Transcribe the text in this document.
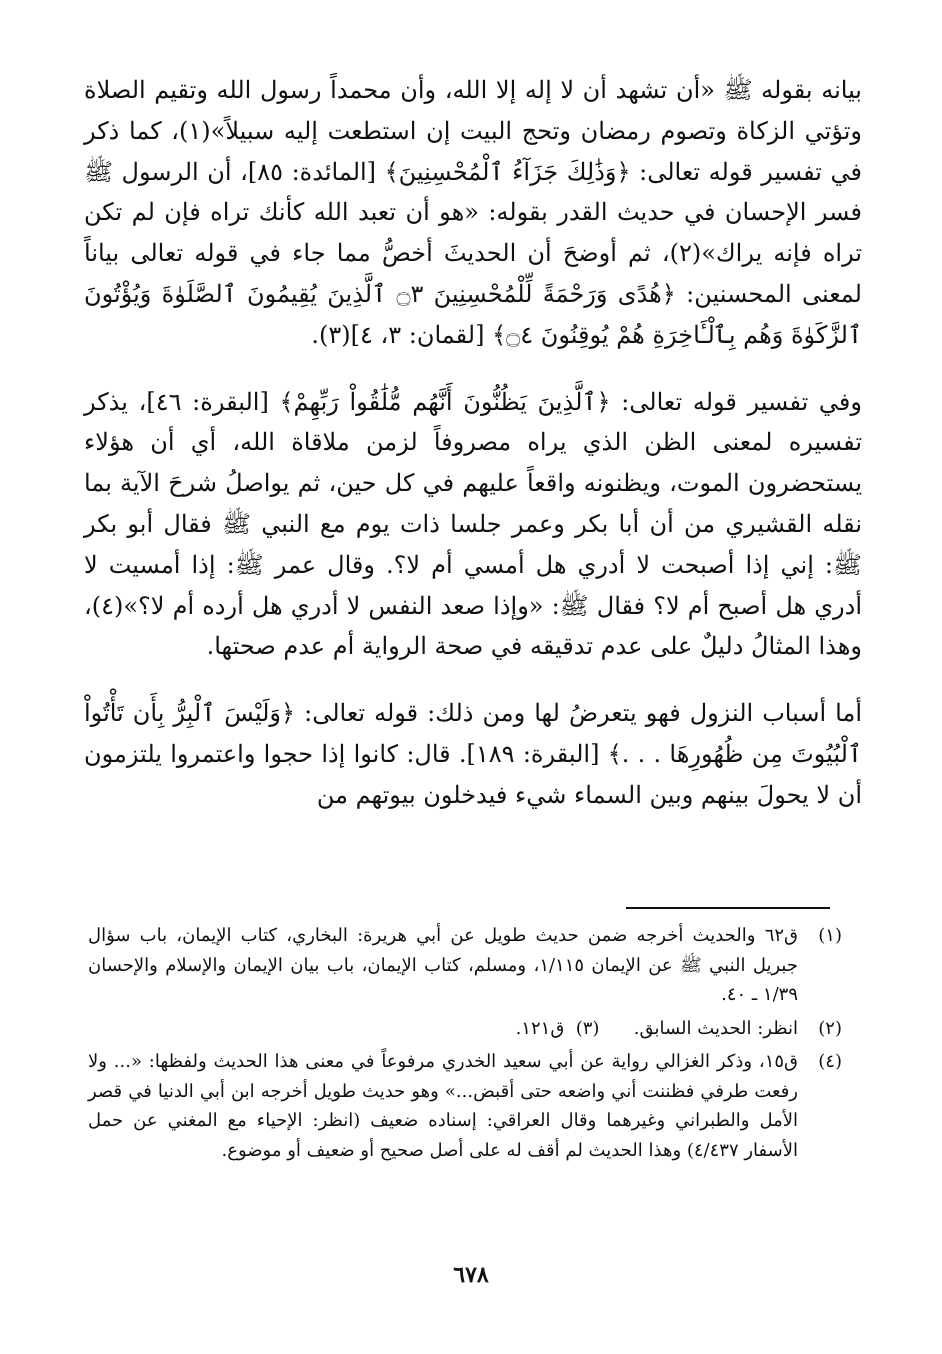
بيانه بقوله ﷺ «أن تشهد أن لا إله إلا الله، وأن محمداً رسول الله وتقيم الصلاة وتؤتي الزكاة وتصوم رمضان وتحج البيت إن استطعت إليه سبيلاً»(١)، كما ذكر في تفسير قوله تعالى: ﴿وَذَٰلِكَ جَزَآءُ ٱلْمُحْسِنِينَ﴾ [المائدة: ٨٥]، أن الرسول ﷺ فسر الإحسان في حديث القدر بقوله: «هو أن تعبد الله كأنك تراه فإن لم تكن تراه فإنه يراك»(٢)، ثم أوضحَ أن الحديثَ أخصُّ مما جاء في قوله تعالى بياناً لمعنى المحسنين: ﴿هُدًى وَرَحْمَةً لِّلْمُحْسِنِينَ ۝٣ ٱلَّذِينَ يُقِيمُونَ ٱلصَّلَوٰةَ وَيُؤْتُونَ ٱلزَّكَوٰةَ وَهُم بِٱلْـَٔاخِرَةِ هُمْ يُوقِنُونَ ۝٤﴾ [لقمان: ٣، ٤](٣).

وفي تفسير قوله تعالى: ﴿ٱلَّذِينَ يَظُنُّونَ أَنَّهُم مُّلَٰقُواْ رَبِّهِمْ﴾ [البقرة: ٤٦]، يذكر تفسيره لمعنى الظن الذي يراه مصروفاً لزمن ملاقاة الله، أي أن هؤلاء يستحضرون الموت، ويظنونه واقعاً عليهم في كل حين، ثم يواصلُ شرحَ الآية بما نقله القشيري من أن أبا بكر وعمر جلسا ذات يوم مع النبي ﷺ فقال أبو بكر ﷺ: إني إذا أصبحت لا أدري هل أمسي أم لا؟. وقال عمر ﷺ: إذا أمسيت لا أدري هل أصبح أم لا؟ فقال ﷺ: «وإذا صعد النفس لا أدري هل أرده أم لا؟»(٤)، وهذا المثالُ دليلٌ على عدم تدقيقه في صحة الرواية أم عدم صحتها.

أما أسباب النزول فهو يتعرضُ لها ومن ذلك: قوله تعالى: ﴿وَلَيْسَ ٱلْبِرُّ بِأَن تَأْتُواْ ٱلْبُيُوتَ مِن ظُهُورِهَا . . .﴾ [البقرة: ١٨٩]. قال: كانوا إذا حجوا واعتمروا يلتزمون أن لا يحولَ بينهم وبين السماء شيء فيدخلون بيوتهم من

(١)
ق٦٢ والحديث أخرجه ضمن حديث طويل عن أبي هريرة: البخاري، كتاب الإيمان، باب سؤال جبريل النبي ﷺ عن الإيمان ١/١١٥، ومسلم، كتاب الإيمان، باب بيان الإيمان والإسلام والإحسان ١/٣٩ ـ ٤٠.
(٢)
انظر: الحديث السابق.      (٣)  ق١٢١.
(٤)
ق١٥، وذكر الغزالي رواية عن أبي سعيد الخدري مرفوعاً في معنى هذا الحديث ولفظها: «... ولا رفعت طرفي فظننت أني واضعه حتى أقبض...» وهو حديث طويل أخرجه ابن أبي الدنيا في قصر الأمل والطبراني وغيرهما وقال العراقي: إسناده ضعيف (انظر: الإحياء مع المغني عن حمل الأسفار ٤/٤٣٧) وهذا الحديث لم أقف له على أصل صحيح أو ضعيف أو موضوع.
٦٧٨
